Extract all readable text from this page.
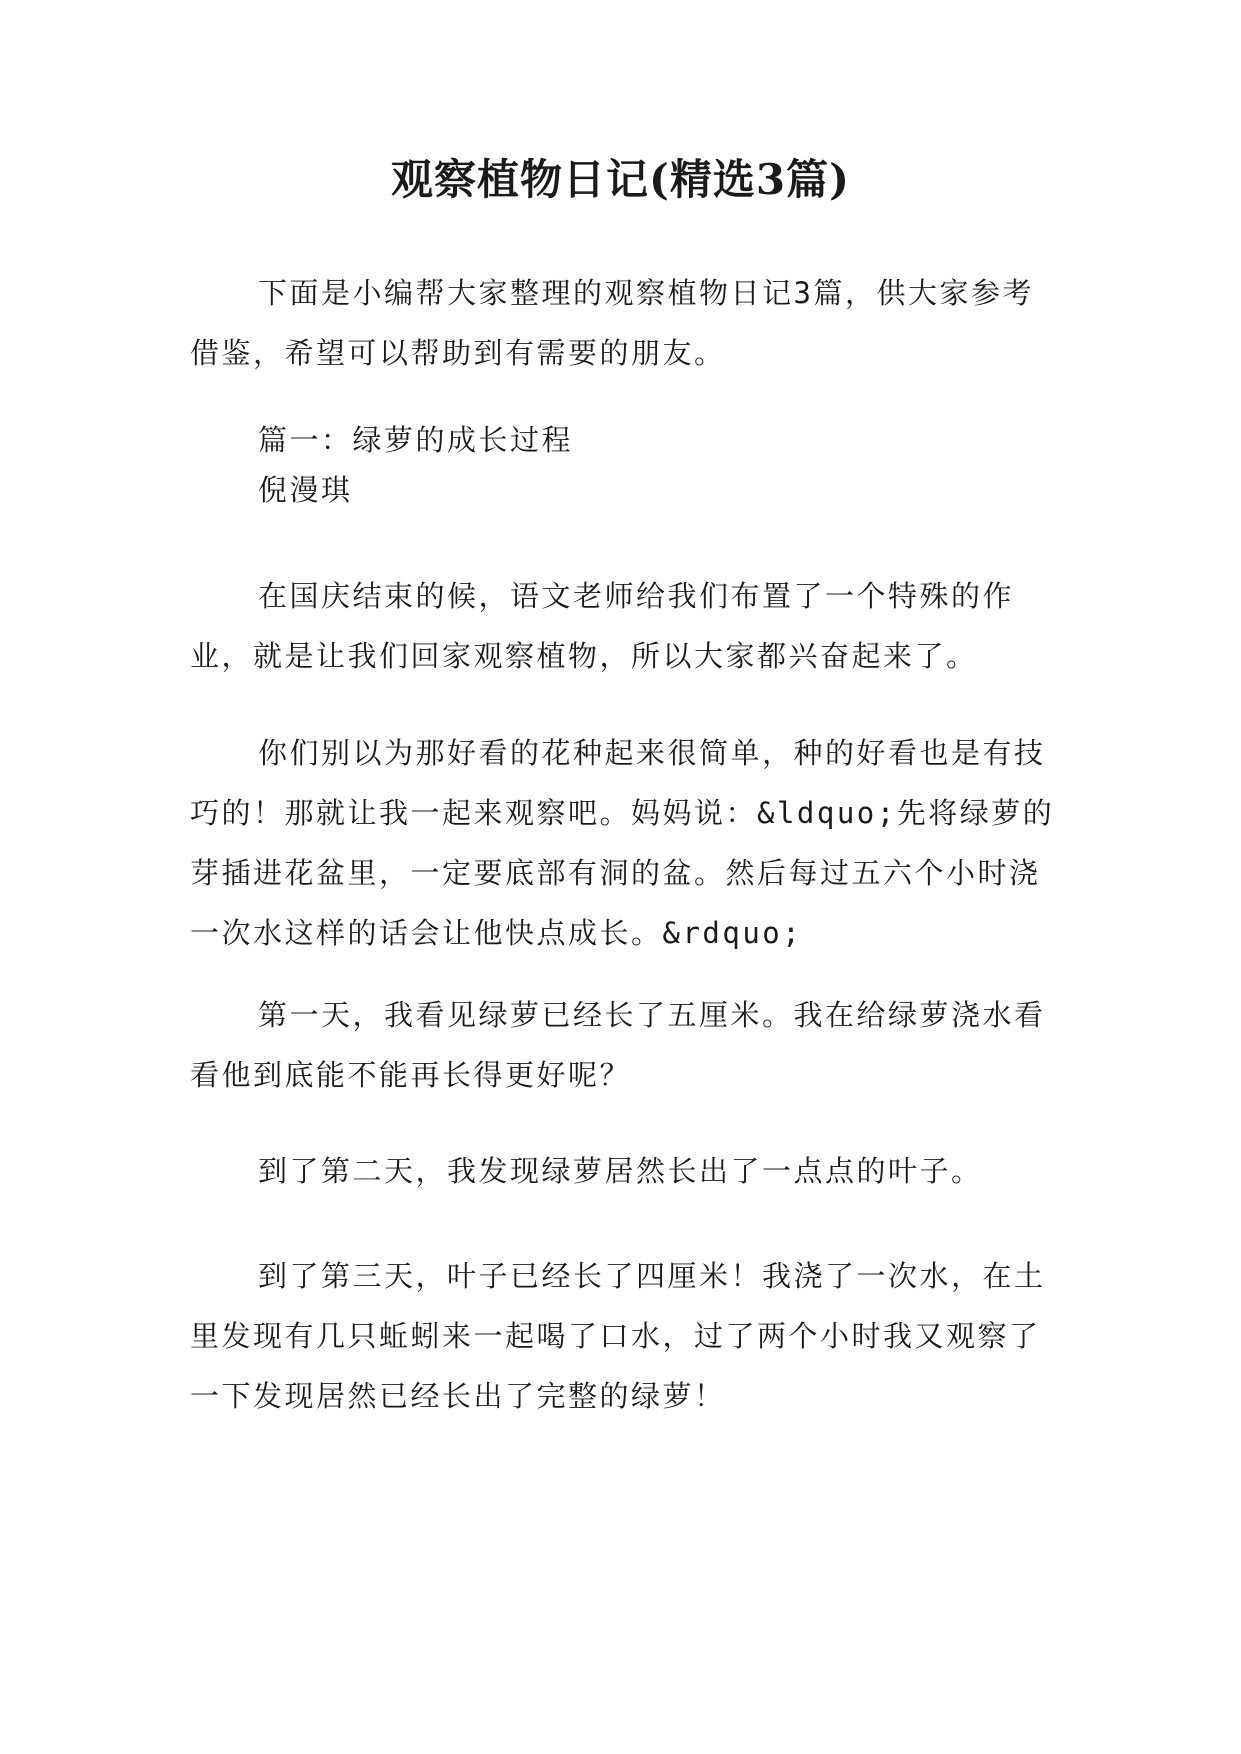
观察植物日记(精选3篇)

下面是小编帮大家整理的观察植物日记3篇，供大家参考借鉴，希望可以帮助到有需要的朋友。

篇一：绿萝的成长过程

倪漫琪

在国庆结束的候，语文老师给我们布置了一个特殊的作业，就是让我们回家观察植物，所以大家都兴奋起来了。

你们别以为那好看的花种起来很简单，种的好看也是有技巧的！那就让我一起来观察吧。妈妈说：&ldquo;先将绿萝的芽插进花盆里，一定要底部有洞的盆。然后每过五六个小时浇一次水这样的话会让他快点成长。&rdquo;

第一天，我看见绿萝已经长了五厘米。我在给绿萝浇水看看他到底能不能再长得更好呢？

到了第二天，我发现绿萝居然长出了一点点的叶子。

到了第三天，叶子已经长了四厘米！我浇了一次水，在土里发现有几只蚯蚓来一起喝了口水，过了两个小时我又观察了一下发现居然已经长出了完整的绿萝！
